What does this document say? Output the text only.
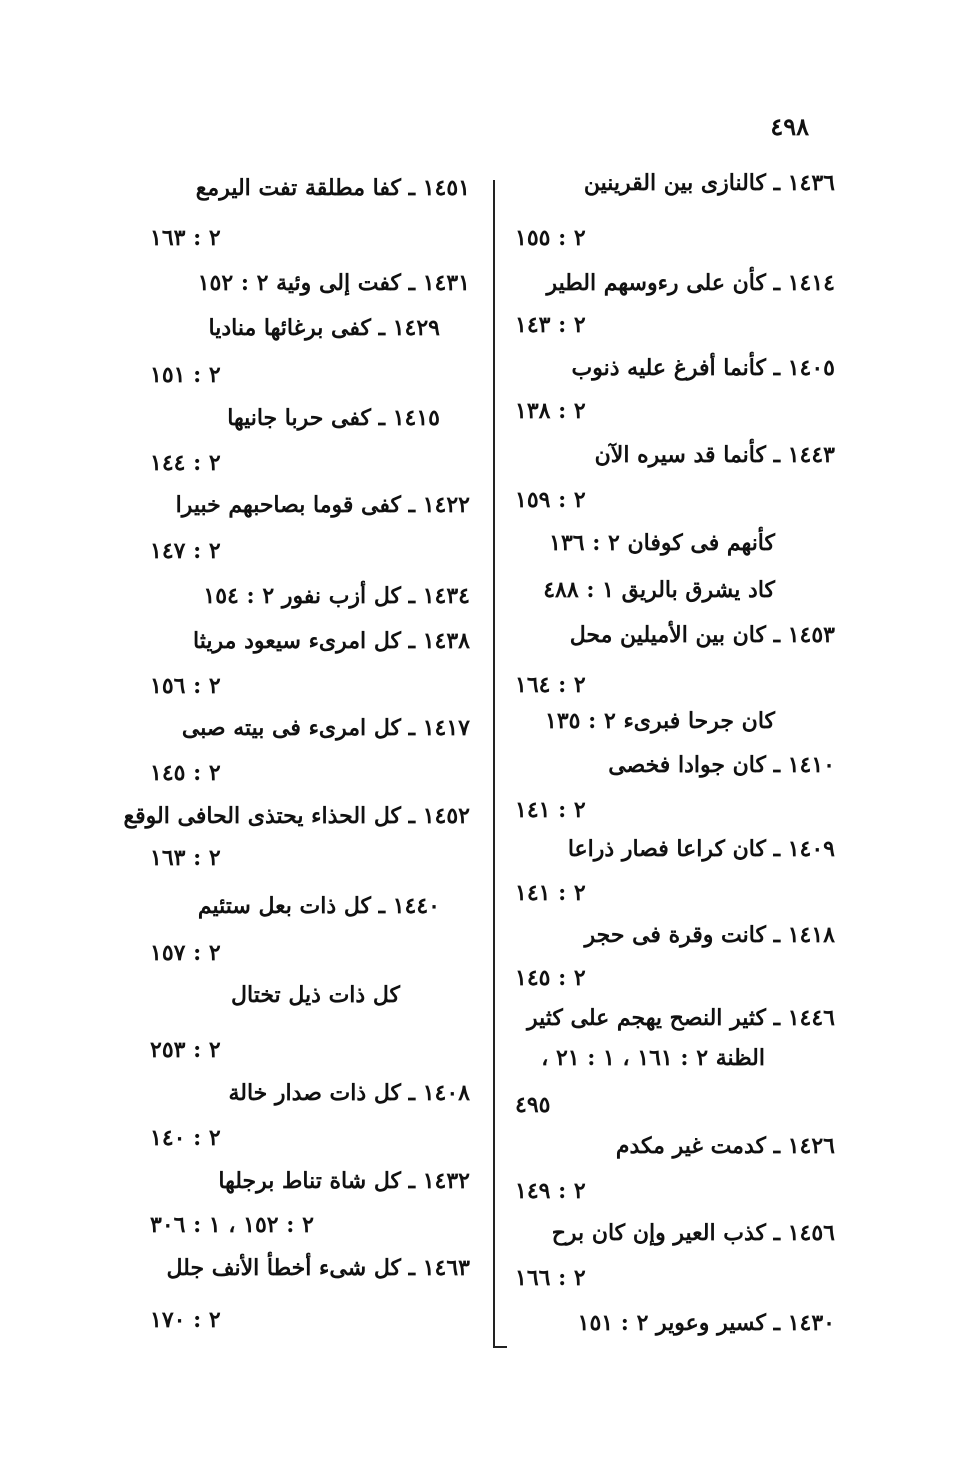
٤٩٨
١٤٣٦ ـ كالنازى بين القرينين
٢ : ١٥٥
١٤١٤ ـ كأن على رءوسهم الطير
٢ : ١٤٣
١٤٠٥ ـ كأنما أفرغ عليه ذنوب
٢ : ١٣٨
١٤٤٣ ـ كأنما قد سيره الآن
٢ : ١٥٩
كأنهم فى كوفان ٢ : ١٣٦
كاد يشرق بالريق ١ : ٤٨٨
١٤٥٣ ـ كان بين الأميلين محل
٢ : ١٦٤
كان جرحا فبرىء ٢ : ١٣٥
١٤١٠ ـ كان جوادا فخصى
٢ : ١٤١
١٤٠٩ ـ كان كراعا فصار ذراعا
٢ : ١٤١
١٤١٨ ـ كانت وقرة فى حجر
٢ : ١٤٥
١٤٤٦ ـ كثير النصح يهجم على كثير
الظنة ٢ : ١٦١ ، ١ : ٢١ ،
٤٩٥
١٤٢٦ ـ كدمت غير مكدم
٢ : ١٤٩
١٤٥٦ ـ كذب العير وإن كان برح
٢ : ١٦٦
١٤٣٠ ـ كسير وعوير ٢ : ١٥١
١٤٥١ ـ كفا مطلقة تفت اليرمع
٢ : ١٦٣
١٤٣١ ـ كفت إلى وئية ٢ : ١٥٢
١٤٢٩ ـ كفى برغائها مناديا
٢ : ١٥١
١٤١٥ ـ كفى حربا جانيها
٢ : ١٤٤
١٤٢٢ ـ كفى قوما بصاحبهم خبيرا
٢ : ١٤٧
١٤٣٤ ـ كل أزب نفور ٢ : ١٥٤
١٤٣٨ ـ كل امرىء سيعود مريثا
٢ : ١٥٦
١٤١٧ ـ كل امرىء فى بيته صبى
٢ : ١٤٥
١٤٥٢ ـ كل الحذاء يحتذى الحافى الوقع
٢ : ١٦٣
١٤٤٠ ـ كل ذات بعل ستئيم
٢ : ١٥٧
كل ذات ذيل تختال
٢ : ٢٥٣
١٤٠٨ ـ كل ذات صدار خالة
٢ : ١٤٠
١٤٣٢ ـ كل شاة تناط برجلها
٢ : ١٥٢ ، ١ : ٣٠٦
١٤٦٣ ـ كل شىء أخطأ الأنف جلل
٢ : ١٧٠
